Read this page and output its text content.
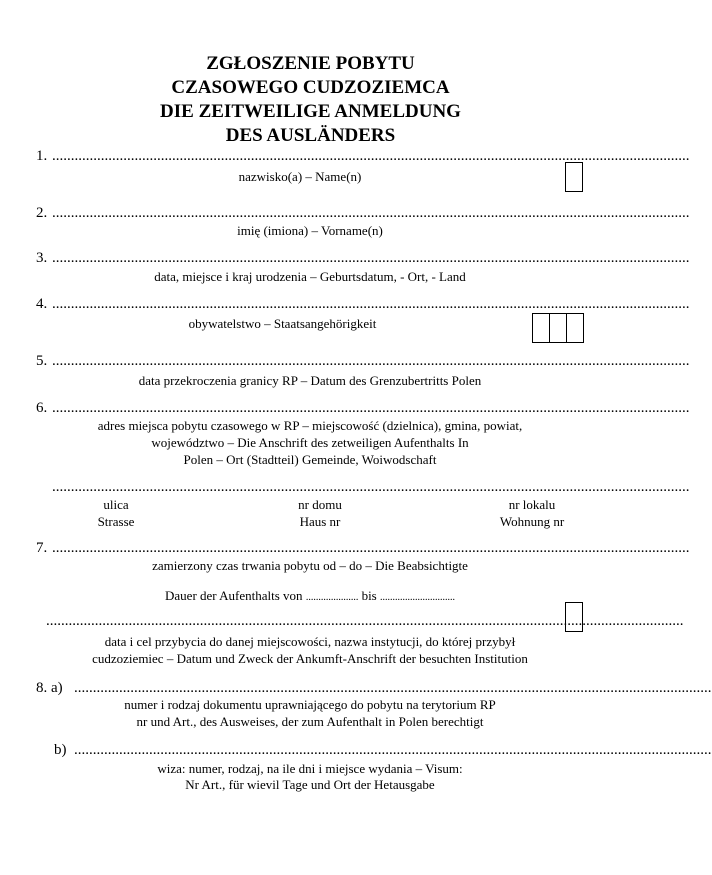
ZGŁOSZENIE POBYTU
CZASOWEGO CUDZOZIEMCA
DIE ZEITWEILIGE ANMELDUNG
DES AUSLÄNDERS
1. ..........................................................................................................................................................................
nazwisko(a) – Name(n)
2. ..........................................................................................................................................................................
imię (imiona) – Vorname(n)
3. ..........................................................................................................................................................................
data, miejsce i kraj urodzenia – Geburtsdatum, - Ort, - Land
4. ..........................................................................................................................................................................
obywatelstwo – Staatsangehörigkeit
5. ..........................................................................................................................................................................
data przekroczenia granicy RP – Datum des Grenzubertritts Polen
6. ..........................................................................................................................................................................
adres miejsca pobytu czasowego w RP – miejscowość (dzielnica), gmina, powiat,
województwo – Die Anschrift des zetweiligen Aufenthalts In
Polen – Ort (Stadtteil) Gemeinde, Woiwodschaft
..........................................................................................................................................................................
ulica
Strasse
nr domu
Haus nr
nr lokalu
Wohnung nr
7. ..........................................................................................................................................................................
zamierzony czas trwania pobytu od – do – Die Beabsichtigte
Dauer der Aufenthalts von ..................... bis ..............................
..........................................................................................................................................................................
data i cel przybycia do danej miejscowości, nazwa instytucji, do której przybył
cudzoziemiec – Datum und Zweck der Ankumft-Anschrift der besuchten Institution
8. a) ..........................................................................................................................................................................
numer i rodzaj dokumentu uprawniającego do pobytu na terytorium RP
nr und Art., des Ausweises, der zum Aufenthalt in Polen berechtigt
b) ..........................................................................................................................................................................
wiza: numer, rodzaj, na ile dni i miejsce wydania – Visum:
Nr Art., für wievil Tage und Ort der Hetausgabe
